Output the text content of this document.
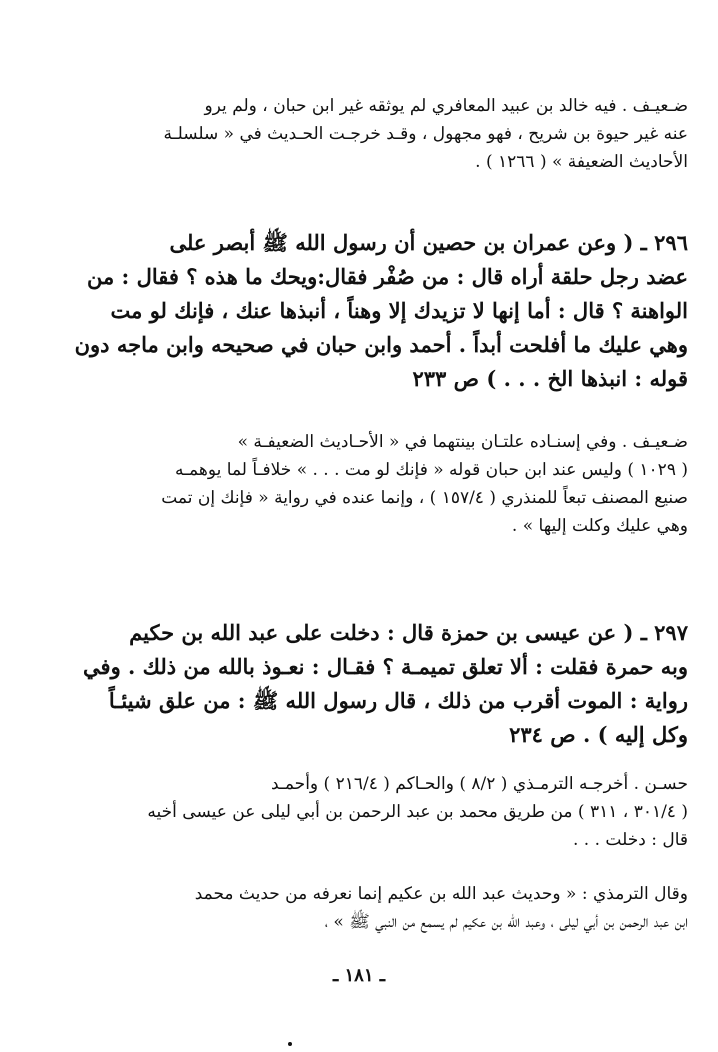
ضـعيـف . فيه خالد بن عبيد المعافري لم يوثقه غير ابن حبان ، ولم يرو
عنه غير حيوة بن شريح ، فهو مجهول ، وقـد خرجـت الحـديث في « سلسلـة
الأحاديث الضعيفة » ( ١٢٦٦ ) .
٢٩٦ ـ ( وعن عمران بن حصين أن رسول الله ﷺ أبصر على
عضد رجل حلقة أراه قال : من صُفْر فقال:ويحك ما هذه ؟ فقال : من
الواهنة ؟ قال : أما إنها لا تزيدك إلا وهناً ، أنبذها عنك ، فإنك لو مت
وهي عليك ما أفلحت أبداً . أحمد وابن حبان في صحيحه وابن ماجه دون
قوله : انبذها الخ . . . ) ص ٢٣٣
ضـعيـف . وفي إسنـاده علتـان بينتهما في « الأحـاديث الضعيفـة »
( ١٠٢٩ ) وليس عند ابن حبان قوله « فإنك لو مت . . . » خلافـاً لما يوهمـه
صنيع المصنف تبعاً للمنذري ( ١٥٧/٤ ) ، وإنما عنده في رواية « فإنك إن تمت
وهي عليك وكلت إليها » .
٢٩٧ ـ ( عن عيسى بن حمزة قال : دخلت على عبد الله بن حكيم
وبه حمرة فقلت : ألا تعلق تميمـة ؟ فقـال : نعـوذ بالله من ذلك . وفي
رواية : الموت أقرب من ذلك ، قال رسول الله ﷺ : من علق شيئـاً
وكل إليه ) . ص ٢٣٤
حسـن . أخرجـه الترمـذي ( ٨/٢ ) والحـاكم ( ٢١٦/٤ ) وأحمـد
( ٣٠١/٤ ، ٣١١ ) من طريق محمد بن عبد الرحمن بن أبي ليلى عن عيسى أخيه
قال : دخلت . . .
وقال الترمذي : « وحديث عبد الله بن عكيم إنما نعرفه من حديث محمد
ابن عبد الرحمن بن أبي ليلى ، وعبد الله بن عكيم لم يسمع من النبي ﷺ » ،
ـ ١٨١ ـ
